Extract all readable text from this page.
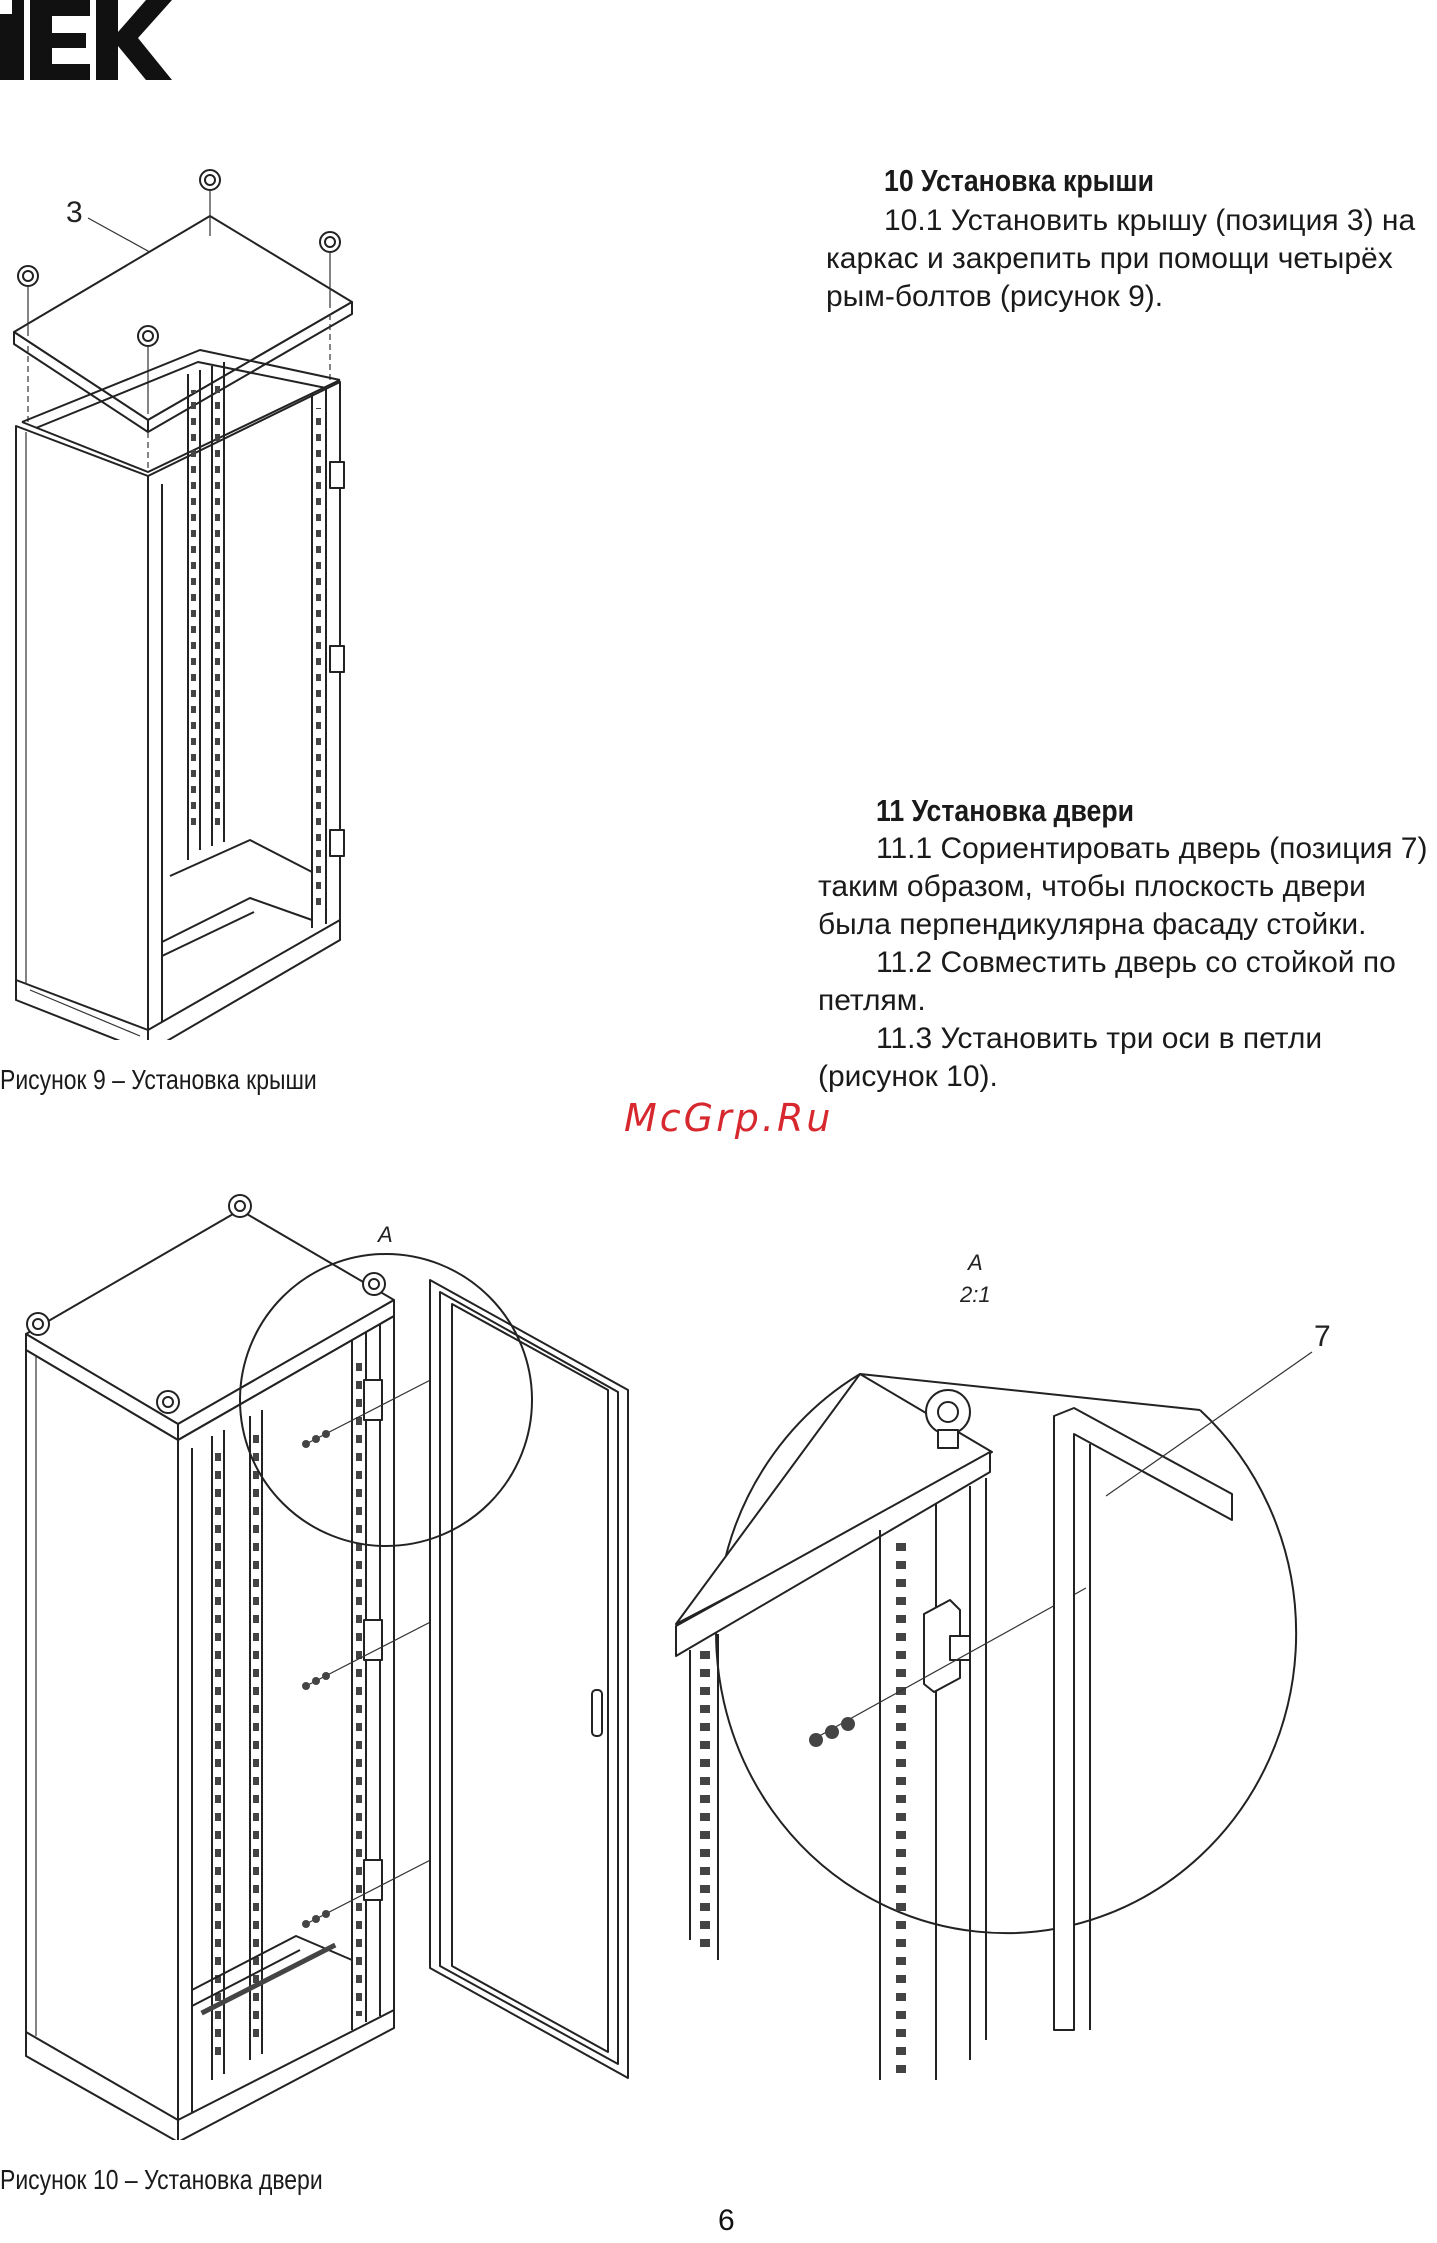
10 Установка крыши

10.1 Установить крышу (позиция 3) на каркас и закрепить при помощи четырёх рым-болтов (рисунок 9).

11 Установка двери

11.1 Сориентировать дверь (позиция 7) таким образом, чтобы плоскость двери была перпендикулярна фасаду стойки.

11.2 Совместить дверь со стойкой по петлям.

11.3 Установить три оси в петли (рисунок 10).

3
Рисунок 9 – Установка крыши
McGrp.Ru
A
A
2:1
7
Рисунок 10 – Установка двери
6
